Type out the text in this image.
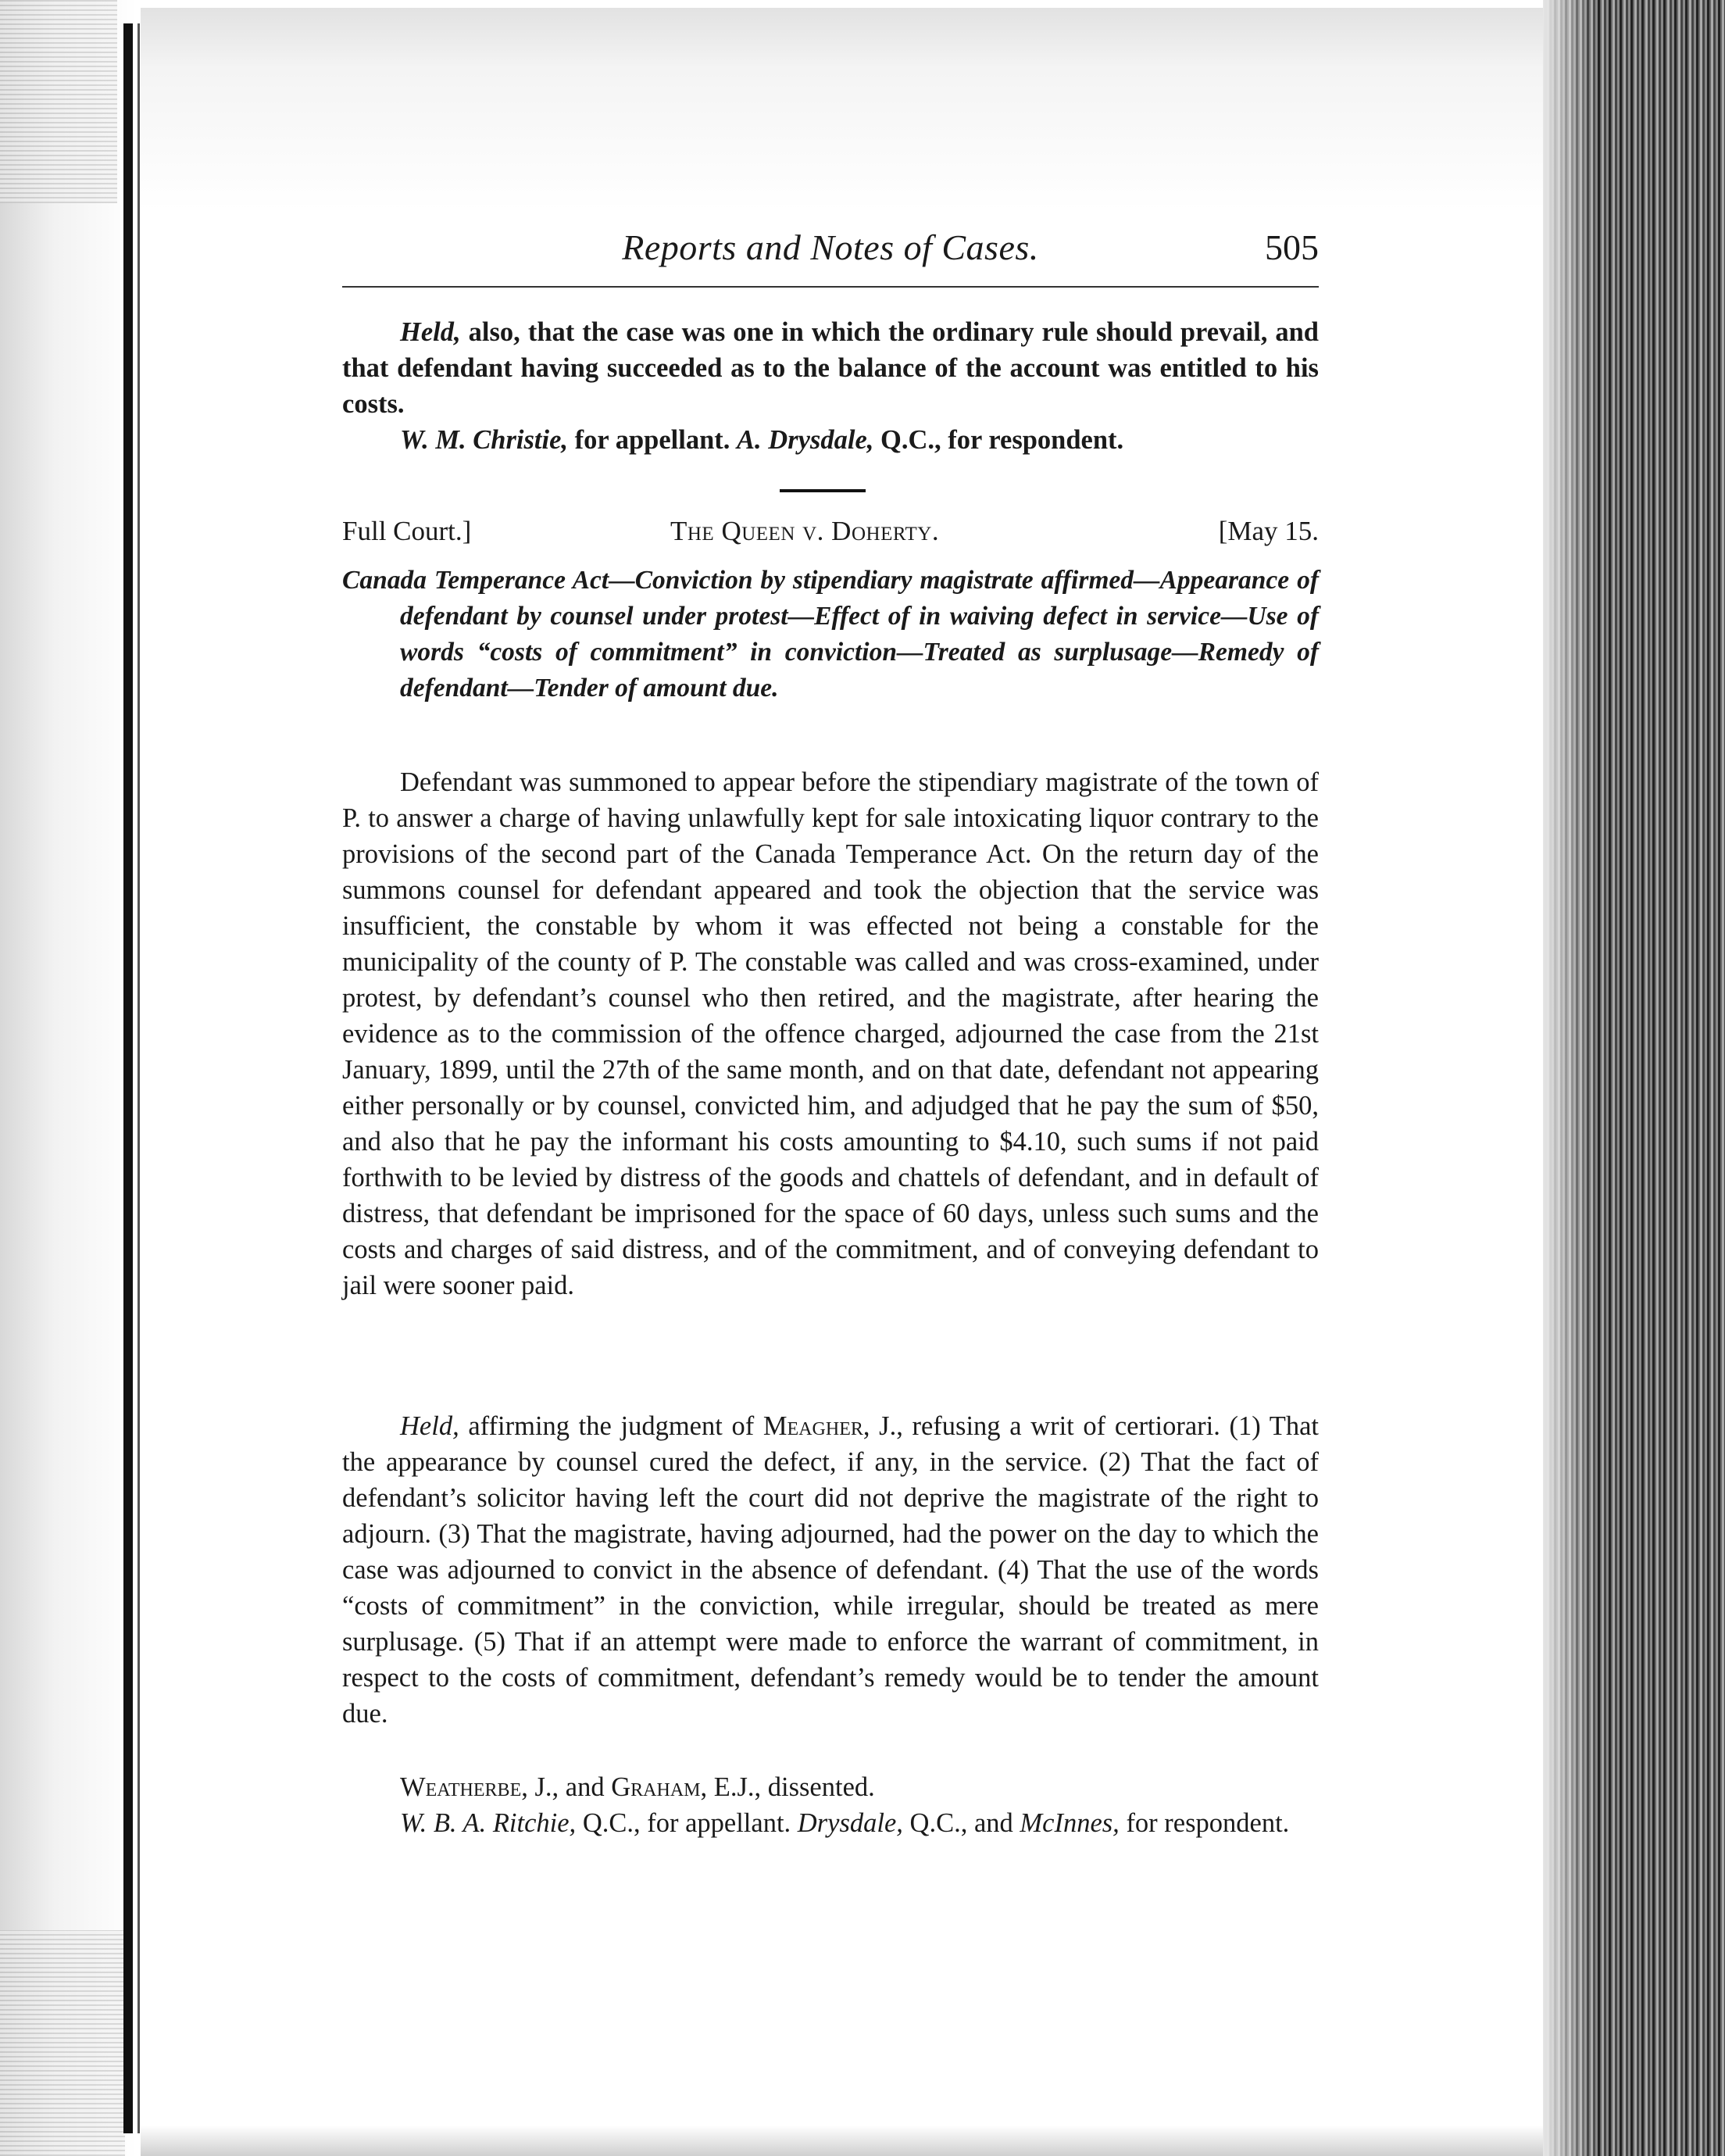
Reports and Notes of Cases.	505

Held, also, that the case was one in which the ordinary rule should prevail, and that defendant having succeeded as to the balance of the account was entitled to his costs.

W. M. Christie, for appellant. A. Drysdale, Q.C., for respondent.

Full Court.]	The Queen v. Doherty.	[May 15.

Canada Temperance Act—Conviction by stipendiary magistrate affirmed—Appearance of defendant by counsel under protest—Effect of in waiving defect in service—Use of words “costs of commitment” in conviction—Treated as surplusage—Remedy of defendant—Tender of amount due.

Defendant was summoned to appear before the stipendiary magistrate of the town of P. to answer a charge of having unlawfully kept for sale intoxicating liquor contrary to the provisions of the second part of the Canada Temperance Act. On the return day of the summons counsel for defendant appeared and took the objection that the service was insufficient, the constable by whom it was effected not being a constable for the municipality of the county of P. The constable was called and was cross-examined, under protest, by defendant’s counsel who then retired, and the magistrate, after hearing the evidence as to the commission of the offence charged, adjourned the case from the 21st January, 1899, until the 27th of the same month, and on that date, defendant not appearing either personally or by counsel, convicted him, and adjudged that he pay the sum of $50, and also that he pay the informant his costs amounting to $4.10, such sums if not paid forthwith to be levied by distress of the goods and chattels of defendant, and in default of distress, that defendant be imprisoned for the space of 60 days, unless such sums and the costs and charges of said distress, and of the commitment, and of conveying defendant to jail were sooner paid.

Held, affirming the judgment of Meagher, J., refusing a writ of certiorari. (1) That the appearance by counsel cured the defect, if any, in the service. (2) That the fact of defendant’s solicitor having left the court did not deprive the magistrate of the right to adjourn. (3) That the magistrate, having adjourned, had the power on the day to which the case was adjourned to convict in the absence of defendant. (4) That the use of the words “costs of commitment” in the conviction, while irregular, should be treated as mere surplusage. (5) That if an attempt were made to enforce the warrant of commitment, in respect to the costs of commitment, defendant’s remedy would be to tender the amount due.

Weatherbe, J., and Graham, E.J., dissented.

W. B. A. Ritchie, Q.C., for appellant. Drysdale, Q.C., and McInnes, for respondent.
